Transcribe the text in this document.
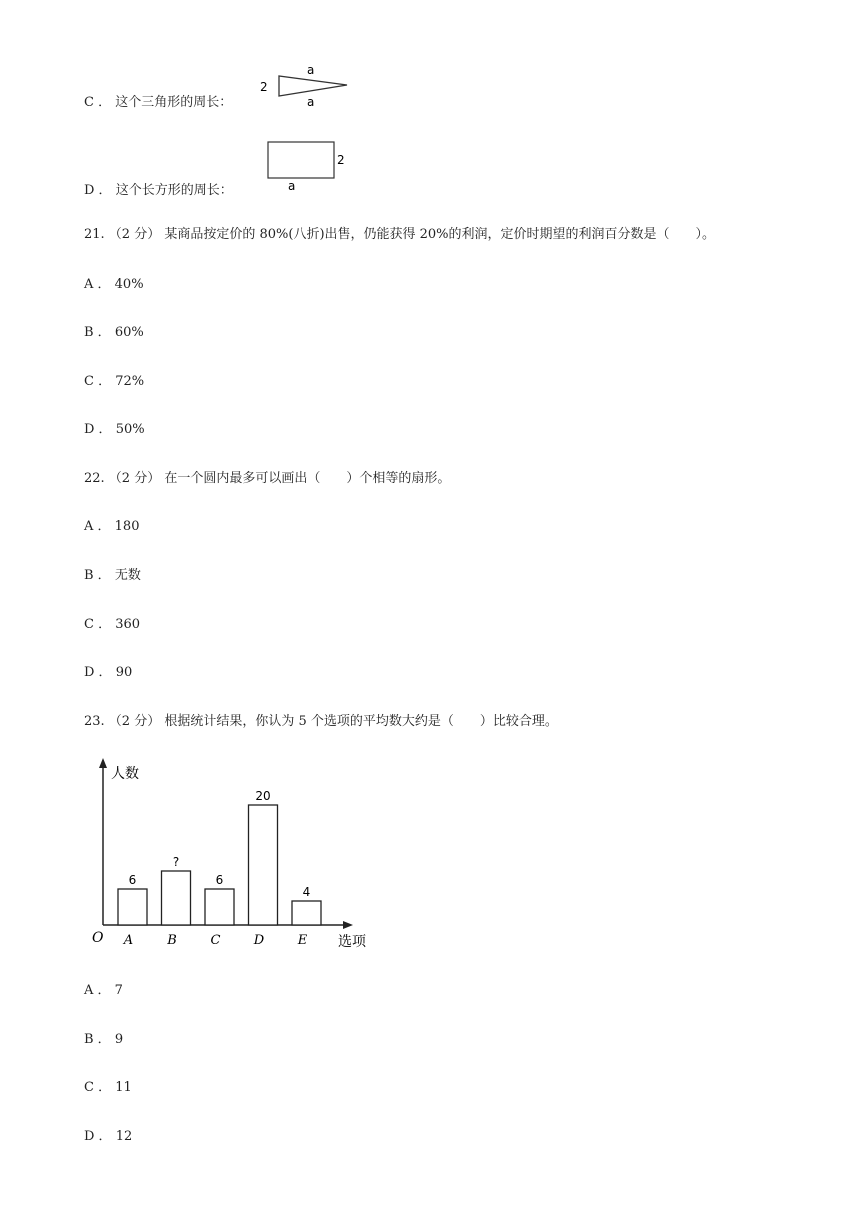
C ． 这个三角形的周长：
2
a
a
D ． 这个长方形的周长：
2
a
21. （2 分） 某商品按定价的 80%(八折)出售，仍能获得 20%的利润，定价时期望的利润百分数是（　　）。
A ． 40%
B ． 60%
C ． 72%
D ． 50%
22. （2 分） 在一个圆内最多可以画出（　　）个相等的扇形。
A ． 180
B ． 无数
C ． 360
D ． 90
23. （2 分） 根据统计结果，你认为 5 个选项的平均数大约是（　　）比较合理。
人数
选项
O
6
A
?
B
6
C
20
D
4
E
A ． 7
B ． 9
C ． 11
D ． 12
